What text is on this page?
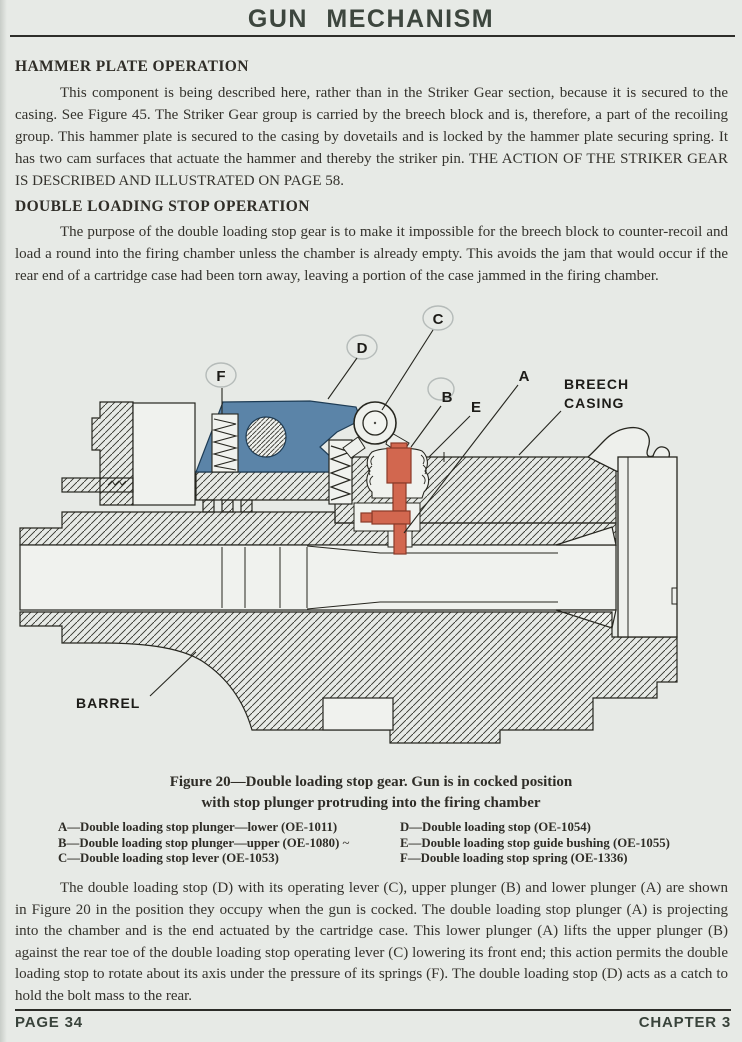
GUN MECHANISM
HAMMER PLATE OPERATION
This component is being described here, rather than in the Striker Gear section, because it is secured to the casing. See Figure 45. The Striker Gear group is carried by the breech block and is, therefore, a part of the recoiling group. This hammer plate is secured to the casing by dovetails and is locked by the hammer plate securing spring. It has two cam surfaces that actuate the hammer and thereby the striker pin. THE ACTION OF THE STRIKER GEAR IS DESCRIBED AND ILLUSTRATED ON PAGE 58.
DOUBLE LOADING STOP OPERATION
The purpose of the double loading stop gear is to make it impossible for the breech block to counter-recoil and load a round into the firing chamber unless the chamber is already empty. This avoids the jam that would occur if the rear end of a cartridge case had been torn away, leaving a portion of the case jammed in the firing chamber.
F
D
C
B
E
A BREECH
CASING
BARREL
Figure 20—Double loading stop gear. Gun is in cocked position
with stop plunger protruding into the firing chamber
A—Double loading stop plunger—lower (OE-1011)
B—Double loading stop plunger—upper (OE-1080) ~
C—Double loading stop lever (OE-1053)
D—Double loading stop (OE-1054)
E—Double loading stop guide bushing (OE-1055)
F—Double loading stop spring (OE-1336)
The double loading stop (D) with its operating lever (C), upper plunger (B) and lower plunger (A) are shown in Figure 20 in the position they occupy when the gun is cocked. The double loading stop plunger (A) is projecting into the chamber and is the end actuated by the cartridge case. This lower plunger (A) lifts the upper plunger (B) against the rear toe of the double loading stop operating lever (C) lowering its front end; this action permits the double loading stop to rotate about its axis under the pressure of its springs (F). The double loading stop (D) acts as a catch to hold the bolt mass to the rear.
PAGE 34	CHAPTER 3
